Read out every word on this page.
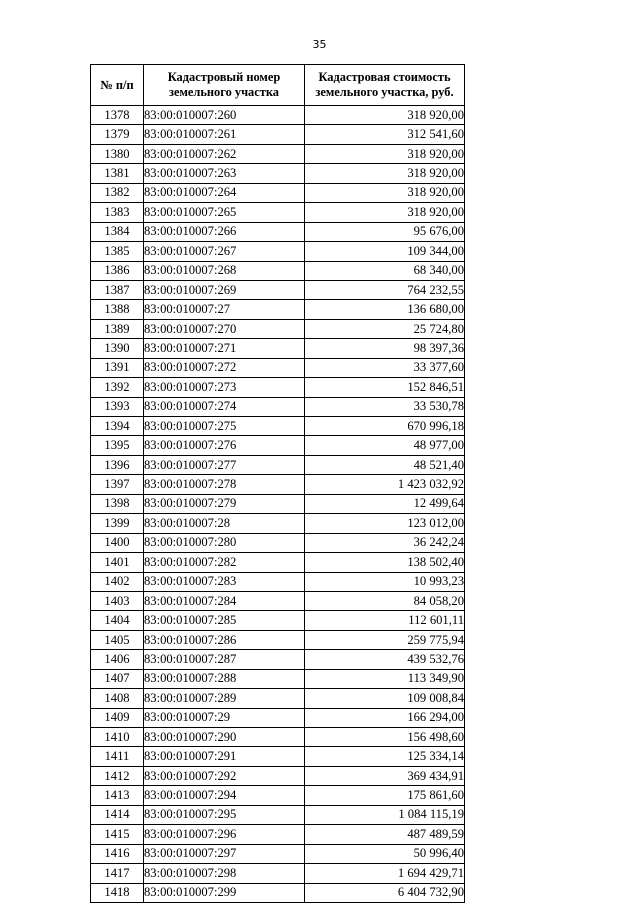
35
№ п/п	Кадастровый номер земельного участка	Кадастровая стоимость земельного участка, руб.
1378	83:00:010007:260	318 920,00
1379	83:00:010007:261	312 541,60
1380	83:00:010007:262	318 920,00
1381	83:00:010007:263	318 920,00
1382	83:00:010007:264	318 920,00
1383	83:00:010007:265	318 920,00
1384	83:00:010007:266	95 676,00
1385	83:00:010007:267	109 344,00
1386	83:00:010007:268	68 340,00
1387	83:00:010007:269	764 232,55
1388	83:00:010007:27	136 680,00
1389	83:00:010007:270	25 724,80
1390	83:00:010007:271	98 397,36
1391	83:00:010007:272	33 377,60
1392	83:00:010007:273	152 846,51
1393	83:00:010007:274	33 530,78
1394	83:00:010007:275	670 996,18
1395	83:00:010007:276	48 977,00
1396	83:00:010007:277	48 521,40
1397	83:00:010007:278	1 423 032,92
1398	83:00:010007:279	12 499,64
1399	83:00:010007:28	123 012,00
1400	83:00:010007:280	36 242,24
1401	83:00:010007:282	138 502,40
1402	83:00:010007:283	10 993,23
1403	83:00:010007:284	84 058,20
1404	83:00:010007:285	112 601,11
1405	83:00:010007:286	259 775,94
1406	83:00:010007:287	439 532,76
1407	83:00:010007:288	113 349,90
1408	83:00:010007:289	109 008,84
1409	83:00:010007:29	166 294,00
1410	83:00:010007:290	156 498,60
1411	83:00:010007:291	125 334,14
1412	83:00:010007:292	369 434,91
1413	83:00:010007:294	175 861,60
1414	83:00:010007:295	1 084 115,19
1415	83:00:010007:296	487 489,59
1416	83:00:010007:297	50 996,40
1417	83:00:010007:298	1 694 429,71
1418	83:00:010007:299	6 404 732,90
